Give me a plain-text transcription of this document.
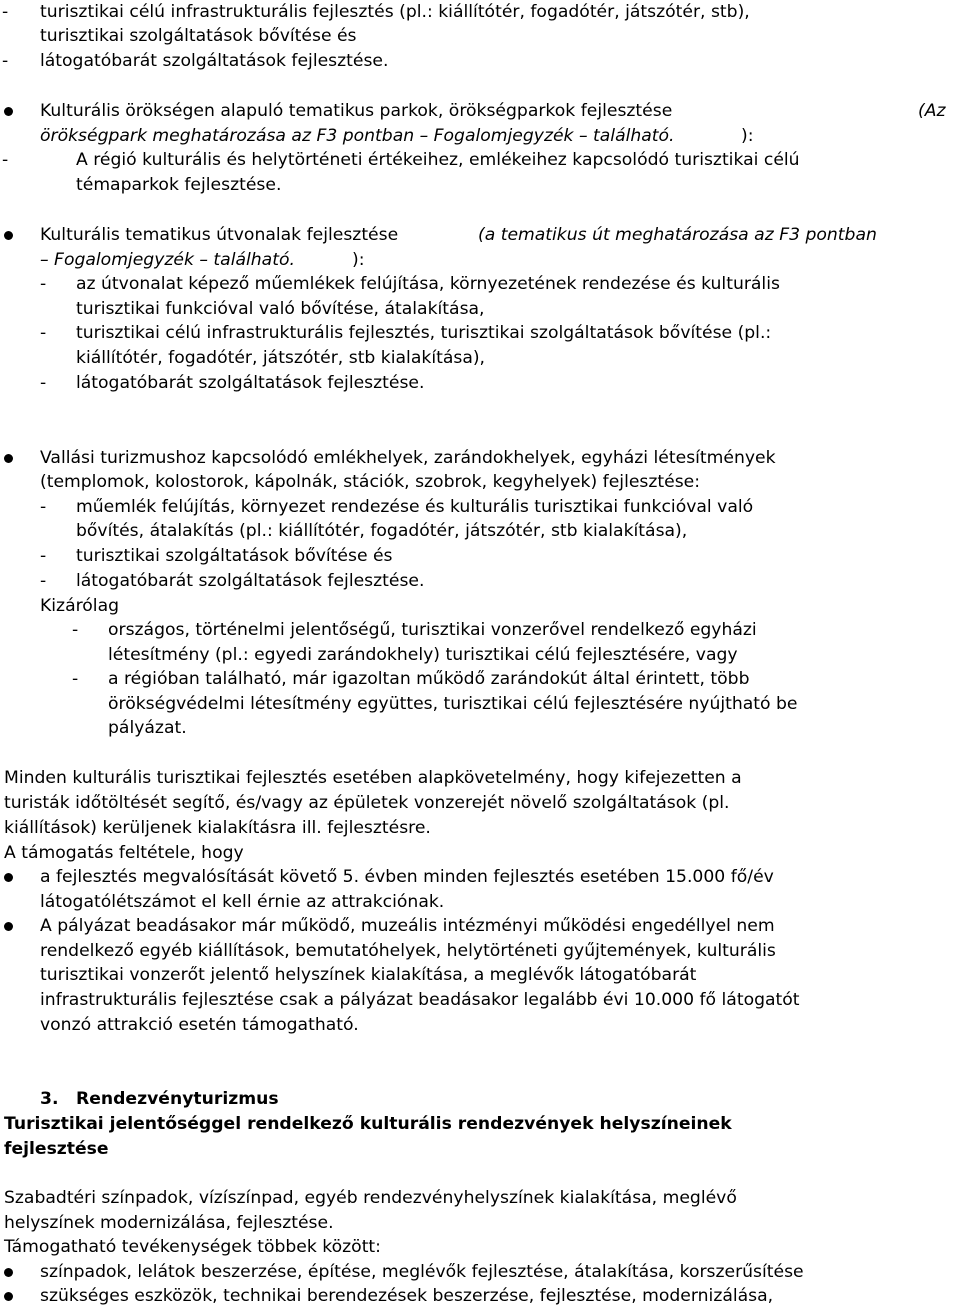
- turisztikai célú infrastrukturális fejlesztés (pl.: kiállítótér, fogadótér, játszótér, stb),
turisztikai szolgáltatások bővítése és
- látogatóbarát szolgáltatások fejlesztése.
Kulturális örökségen alapuló tematikus parkok, örökségparkok fejlesztése	(Az
örökségpark meghatározása az F3 pontban – Fogalomjegyzék – található.	):
-	A régió kulturális és helytörténeti értékeihez, emlékeihez kapcsolódó turisztikai célú
témaparkok fejlesztése.
Kulturális tematikus útvonalak fejlesztése	(a tematikus út meghatározása az F3 pontban
– Fogalomjegyzék – található.	):
- az útvonalat képező műemlékek felújítása, környezetének rendezése és kulturális
turisztikai funkcióval való bővítése, átalakítása,
- turisztikai célú infrastrukturális fejlesztés, turisztikai szolgáltatások bővítése (pl.:
kiállítótér, fogadótér, játszótér, stb kialakítása),
- látogatóbarát szolgáltatások fejlesztése.
Vallási turizmushoz kapcsolódó emlékhelyek, zarándokhelyek, egyházi létesítmények
(templomok, kolostorok, kápolnák, stációk, szobrok, kegyhelyek) fejlesztése:
- műemlék felújítás, környezet rendezése és kulturális turisztikai funkcióval való
bővítés, átalakítás (pl.: kiállítótér, fogadótér, játszótér, stb kialakítása),
- turisztikai szolgáltatások bővítése és
- látogatóbarát szolgáltatások fejlesztése.
Kizárólag
- országos, történelmi jelentőségű, turisztikai vonzerővel rendelkező egyházi
létesítmény (pl.: egyedi zarándokhely) turisztikai célú fejlesztésére, vagy
- a régióban található, már igazoltan működő zarándokút által érintett, több
örökségvédelmi létesítmény együttes, turisztikai célú fejlesztésére nyújtható be
pályázat.
Minden kulturális turisztikai fejlesztés esetében alapkövetelmény, hogy kifejezetten a
turisták időtöltését segítő, és/vagy az épületek vonzerejét növelő szolgáltatások (pl.
kiállítások) kerüljenek kialakításra ill. fejlesztésre.
A támogatás feltétele, hogy
a fejlesztés megvalósítását követő 5. évben minden fejlesztés esetében 15.000 fő/év
látogatólétszámot el kell érnie az attrakciónak.
A pályázat beadásakor már működő, muzeális intézményi működési engedéllyel nem
rendelkező egyéb kiállítások, bemutatóhelyek, helytörténeti gyűjtemények, kulturális
turisztikai vonzerőt jelentő helyszínek kialakítása, a meglévők látogatóbarát
infrastrukturális fejlesztése csak a pályázat beadásakor legalább évi 10.000 fő látogatót
vonzó attrakció esetén támogatható.
3. Rendezvényturizmus
Turisztikai jelentőséggel rendelkező kulturális rendezvények helyszíneinek
fejlesztése
Szabadtéri színpadok, vízíszínpad, egyéb rendezvényhelyszínek kialakítása, meglévő
helyszínek modernizálása, fejlesztése.
Támogatható tevékenységek többek között:
színpadok, lelátok beszerzése, építése, meglévők fejlesztése, átalakítása, korszerűsítése
szükséges eszközök, technikai berendezések beszerzése, fejlesztése, modernizálása,
